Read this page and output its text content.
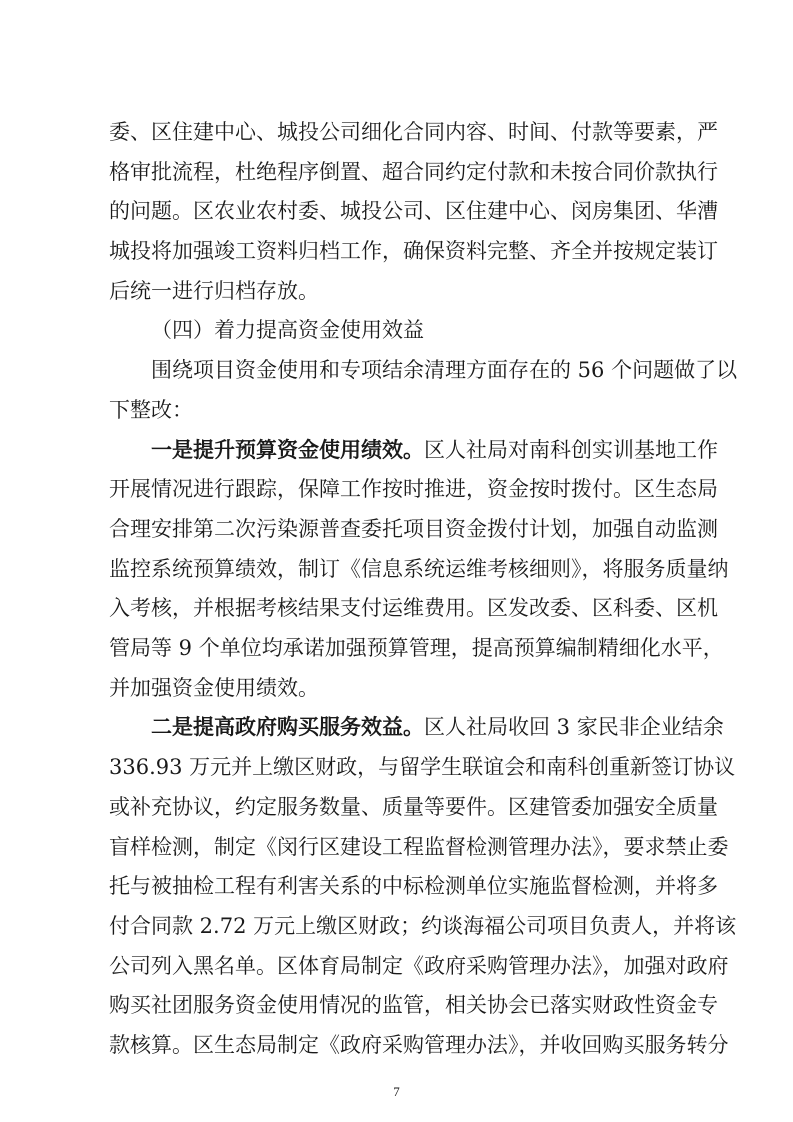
委、区住建中心、城投公司细化合同内容、时间、付款等要素，严
格审批流程，杜绝程序倒置、超合同约定付款和未按合同价款执行
的问题。区农业农村委、城投公司、区住建中心、闵房集团、华漕
城投将加强竣工资料归档工作，确保资料完整、齐全并按规定装订
后统一进行归档存放。
（四）着力提高资金使用效益
围绕项目资金使用和专项结余清理方面存在的 56 个问题做了以
下整改：
一是提升预算资金使用绩效。区人社局对南科创实训基地工作
开展情况进行跟踪，保障工作按时推进，资金按时拨付。区生态局
合理安排第二次污染源普查委托项目资金拨付计划，加强自动监测
监控系统预算绩效，制订《信息系统运维考核细则》，将服务质量纳
入考核，并根据考核结果支付运维费用。区发改委、区科委、区机
管局等 9 个单位均承诺加强预算管理，提高预算编制精细化水平，
并加强资金使用绩效。
二是提高政府购买服务效益。区人社局收回 3 家民非企业结余
336.93 万元并上缴区财政，与留学生联谊会和南科创重新签订协议
或补充协议，约定服务数量、质量等要件。区建管委加强安全质量
盲样检测，制定《闵行区建设工程监督检测管理办法》，要求禁止委
托与被抽检工程有利害关系的中标检测单位实施监督检测，并将多
付合同款 2.72 万元上缴区财政；约谈海福公司项目负责人，并将该
公司列入黑名单。区体育局制定《政府采购管理办法》，加强对政府
购买社团服务资金使用情况的监管，相关协会已落实财政性资金专
款核算。区生态局制定《政府采购管理办法》，并收回购买服务转分
7
